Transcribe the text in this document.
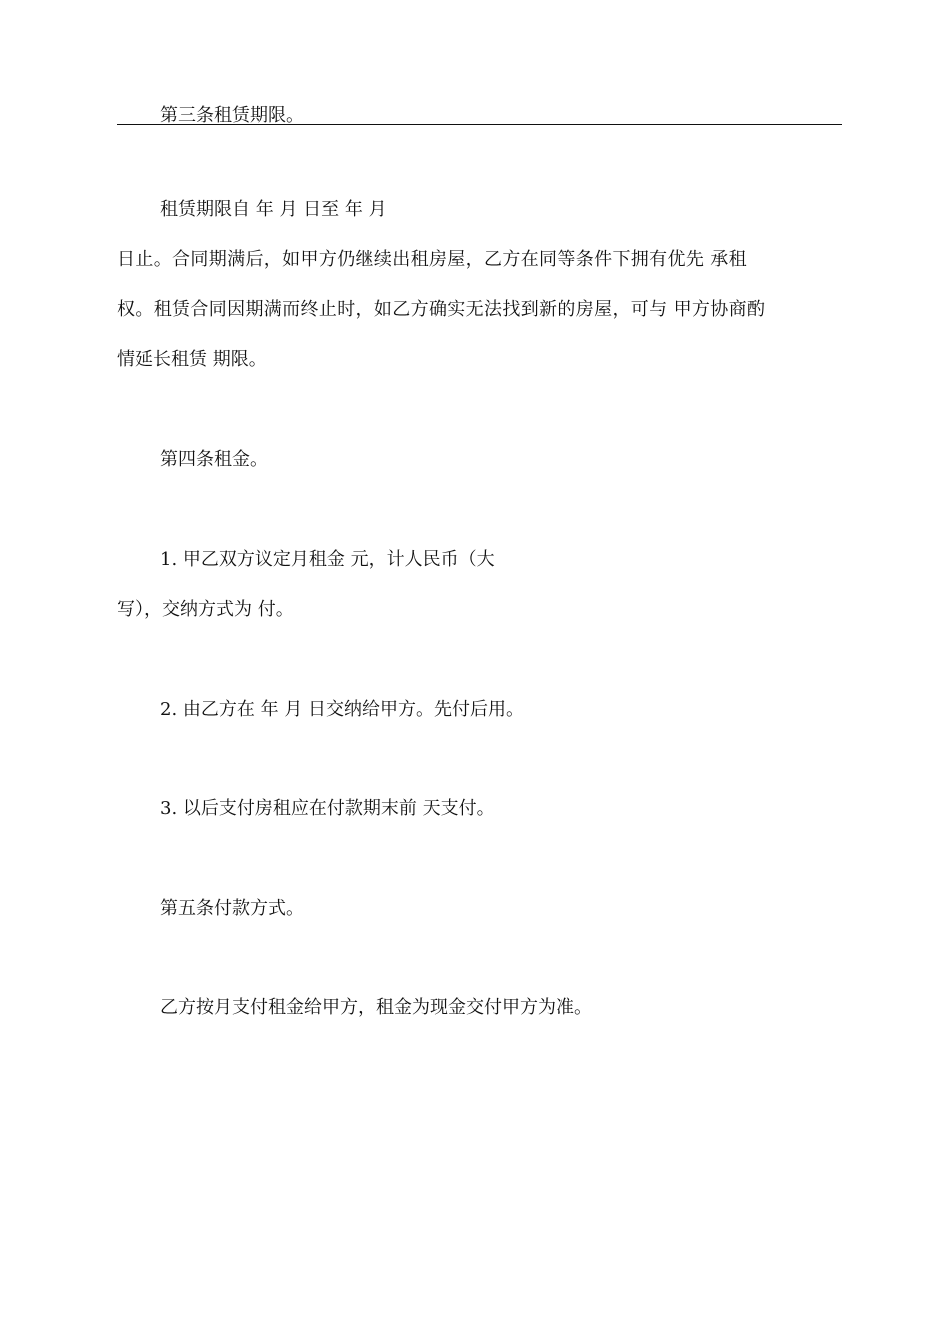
第三条租赁期限。
租赁期限自 年 月 日至 年 月
日止。合同期满后，如甲方仍继续出租房屋，乙方在同等条件下拥有优先 承租
权。租赁合同因期满而终止时，如乙方确实无法找到新的房屋，可与 甲方协商酌
情延长租赁 期限。
第四条租金。
1. 甲乙双方议定月租金 元，计人民币（大
写），交纳方式为 付。
2. 由乙方在 年 月 日交纳给甲方。先付后用。
3. 以后支付房租应在付款期末前 天支付。
第五条付款方式。
乙方按月支付租金给甲方，租金为现金交付甲方为准。
